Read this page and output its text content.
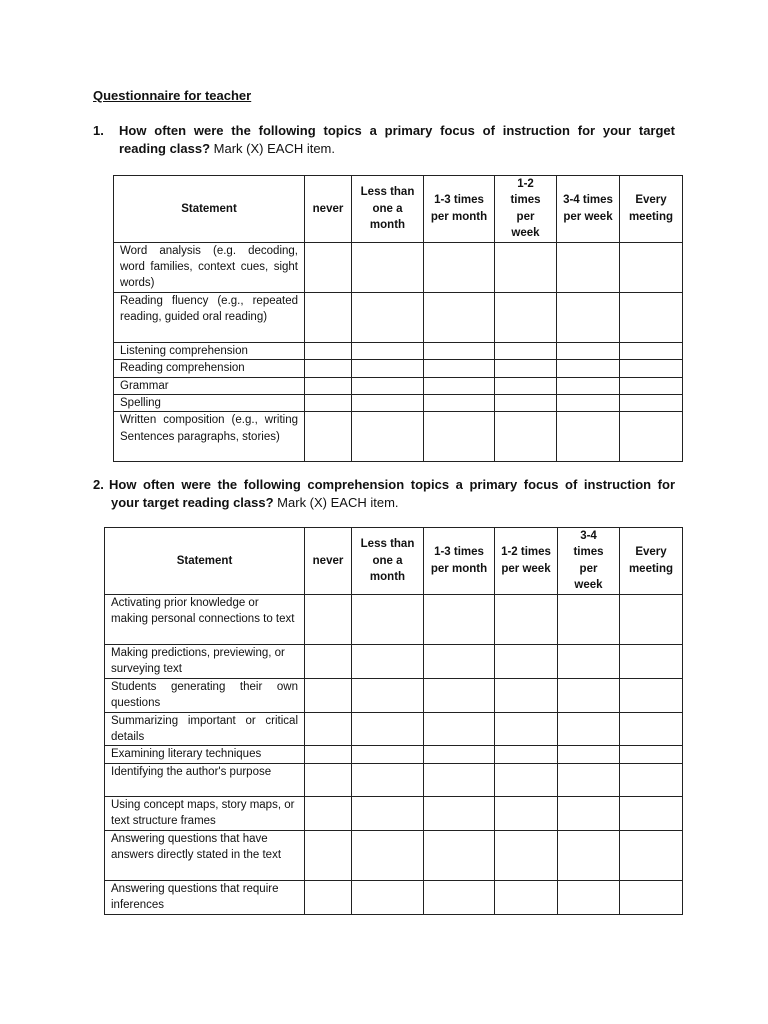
Questionnaire for teacher
1. How often were the following topics a primary focus of instruction for your target
reading class? Mark (X) EACH item.
Statement	never	Less than one a month	1-3 times per month	1-2 times per week	3-4 times per week	Every meeting
Word analysis (e.g. decoding, word families, context cues, sight words)						
Reading fluency (e.g., repeated reading, guided oral reading)						
Listening comprehension						
Reading comprehension						
Grammar						
Spelling						
Written composition (e.g., writing Sentences paragraphs, stories)						
2. How often were the following comprehension topics a primary focus of instruction for
your target reading class? Mark (X) EACH item.
Statement	never	Less than one a month	1-3 times per month	1-2 times per week	3-4 times per week	Every meeting
Activating prior knowledge or making personal connections to text						
Making predictions, previewing, or surveying text						
Students generating their own questions						
Summarizing important or critical details						
Examining literary techniques						
Identifying the author's purpose						
Using concept maps, story maps, or text structure frames						
Answering questions that have answers directly stated in the text						
Answering questions that require inferences						
